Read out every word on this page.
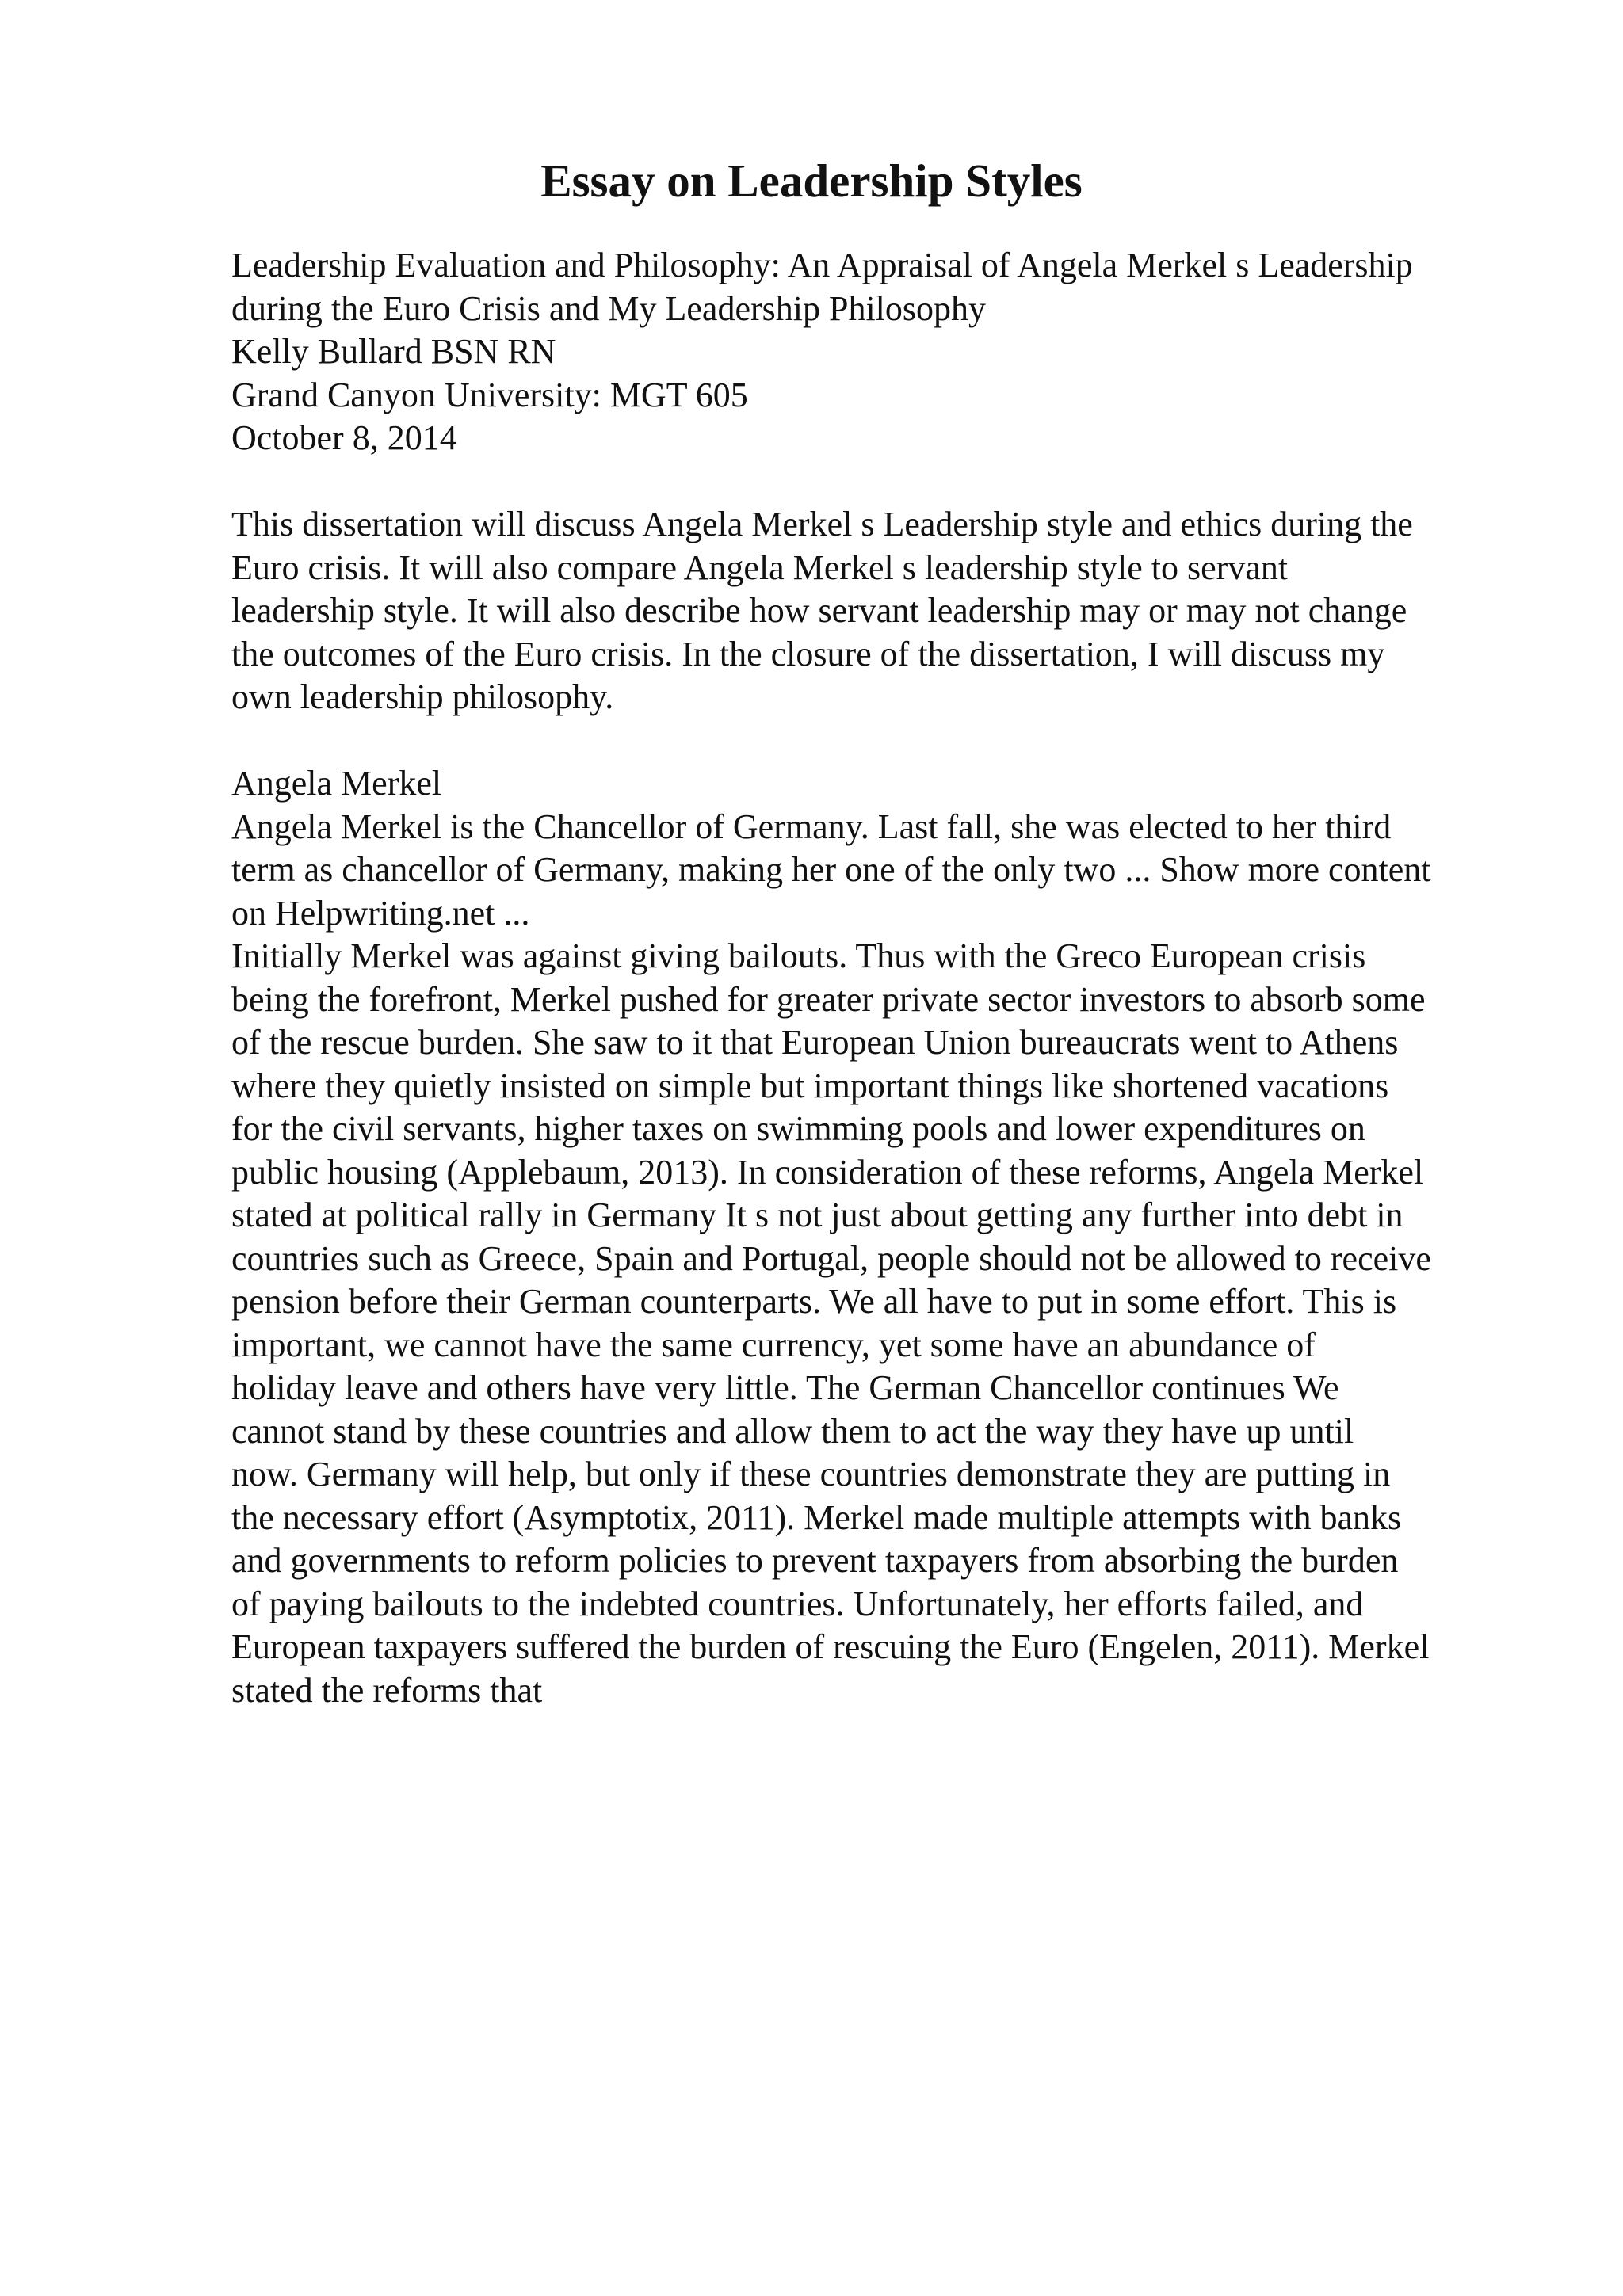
Essay on Leadership Styles
Leadership Evaluation and Philosophy: An Appraisal of Angela Merkel s Leadership
during the Euro Crisis and My Leadership Philosophy
Kelly Bullard BSN RN
Grand Canyon University: MGT 605
October 8, 2014
This dissertation will discuss Angela Merkel s Leadership style and ethics during the
Euro crisis. It will also compare Angela Merkel s leadership style to servant
leadership style. It will also describe how servant leadership may or may not change
the outcomes of the Euro crisis. In the closure of the dissertation, I will discuss my
own leadership philosophy.
Angela Merkel
Angela Merkel is the Chancellor of Germany. Last fall, she was elected to her third
term as chancellor of Germany, making her one of the only two ... Show more content
on Helpwriting.net ...
Initially Merkel was against giving bailouts. Thus with the Greco European crisis
being the forefront, Merkel pushed for greater private sector investors to absorb some
of the rescue burden. She saw to it that European Union bureaucrats went to Athens
where they quietly insisted on simple but important things like shortened vacations
for the civil servants, higher taxes on swimming pools and lower expenditures on
public housing (Applebaum, 2013). In consideration of these reforms, Angela Merkel
stated at political rally in Germany It s not just about getting any further into debt in
countries such as Greece, Spain and Portugal, people should not be allowed to receive
pension before their German counterparts. We all have to put in some effort. This is
important, we cannot have the same currency, yet some have an abundance of
holiday leave and others have very little. The German Chancellor continues We
cannot stand by these countries and allow them to act the way they have up until
now. Germany will help, but only if these countries demonstrate they are putting in
the necessary effort (Asymptotix, 2011). Merkel made multiple attempts with banks
and governments to reform policies to prevent taxpayers from absorbing the burden
of paying bailouts to the indebted countries. Unfortunately, her efforts failed, and
European taxpayers suffered the burden of rescuing the Euro (Engelen, 2011). Merkel
stated the reforms that
